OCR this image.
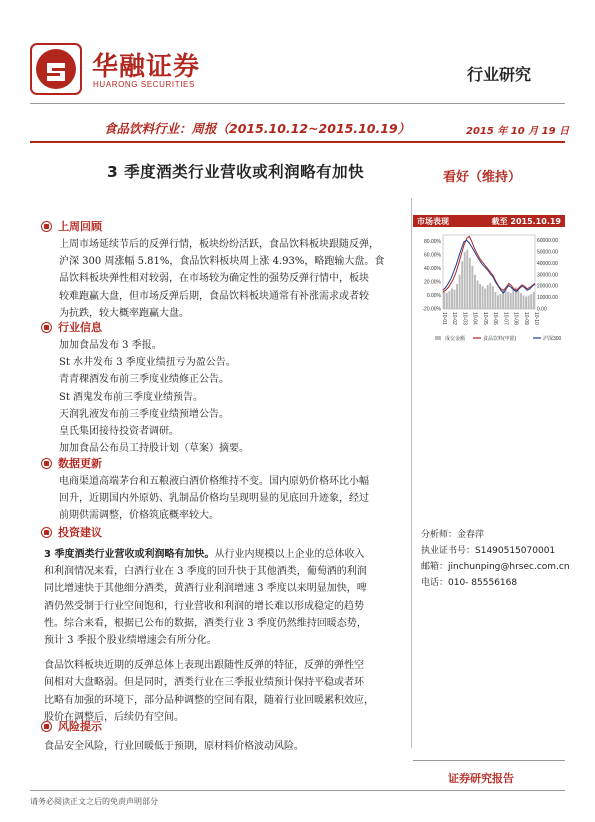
华融证券
HUARONG SECURITIES
行业研究
食品饮料行业：周报（2015.10.12~2015.10.19）	2015 年 10 月 19 日
3 季度酒类行业营收或利润略有加快	看好（维持）
上周回顾
上周市场延续节后的反弹行情，板块纷纷活跃，食品饮料板块跟随反弹，
沪深 300 周涨幅 5.81%，食品饮料板块周上涨 4.93%，略跑输大盘。食
品饮料板块弹性相对较弱，在市场较为确定性的强势反弹行情中，板块
较难跑赢大盘，但市场反弹后期，食品饮料板块通常有补涨需求或者较
为抗跌，较大概率跑赢大盘。
行业信息
加加食品发布 3 季报。
St 水井发布 3 季度业绩扭亏为盈公告。
青青稞酒发布前三季度业绩修正公告。
St 酒鬼发布前三季度业绩预告。
天润乳液发布前三季度业绩预增公告。
皇氏集团接待投资者调研。
加加食品公布员工持股计划（草案）摘要。
数据更新
电商渠道高端茅台和五粮液白酒价格维持不变。国内原奶价格环比小幅
回升，近期国内外原奶、乳制品价格均呈现明显的见底回升迹象，经过
前期供需调整，价格筑底概率较大。
投资建议
3 季度酒类行业营收或利润略有加快。从行业内规模以上企业的总体收入
和利润情况来看，白酒行业在 3 季度的回升快于其他酒类，葡萄酒的利润
同比增速快于其他细分酒类，黄酒行业利润增速 3 季度以来明显加快，啤
酒仍然受制于行业空间饱和，行业营收和利润的增长难以形成稳定的趋势
性。综合来看，根据已公布的数据，酒类行业 3 季度仍然维持回暖态势，
预计 3 季报个股业绩增速会有所分化。
食品饮料板块近期的反弹总体上表现出跟随性反弹的特征，反弹的弹性空
间相对大盘略弱。但是同时，酒类行业在三季报业绩预计保持平稳或者环
比略有加强的环境下，部分品种调整的空间有限，随着行业回暖累积效应，
股价在调整后，后续仍有空间。
风险提示
食品安全风险，行业回暖低于预期，原材料价格波动风险。
市场表现	截至 2015.10.19
80.00%
60.00%
40.00%
20.00%
0.00%
-20.00%
60000.00
50000.00
40000.00
30000.00
20000.00
10000.00
0.00
10-01 10-02 10-03 10-04 10-05 10-06 10-07 10-08 10-09 10-10
成交金额	食品饮料(申银)	沪深300
分析师：金春萍
执业证书号：S1490515070001
邮箱：jinchunping@hrsec.com.cn
电话：010- 85556168
证券研究报告
请务必阅读正文之后的免责声明部分
